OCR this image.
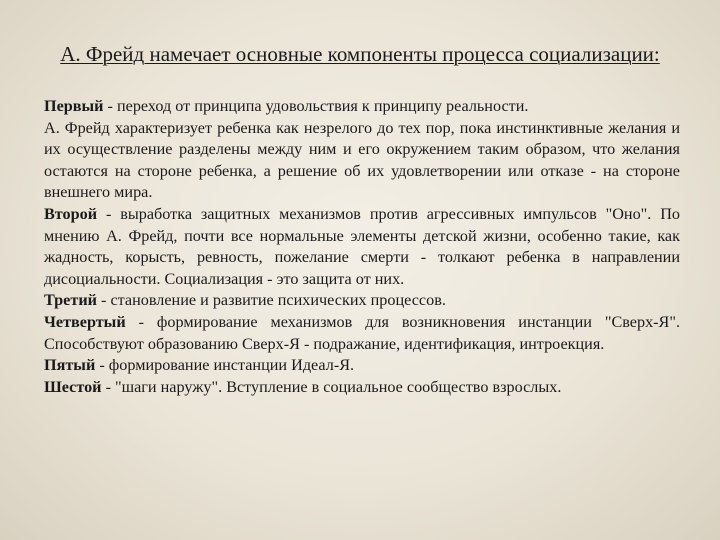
А. Фрейд намечает основные компоненты процесса социализации:

Первый - переход от принципа удовольствия к принципу реальности.

А. Фрейд характеризует ребенка как незрелого до тех пор, пока инстинктивные желания и их осуществление разделены между ним и его окружением таким образом, что желания остаются на стороне ребенка, а решение об их удовлетворении или отказе - на стороне внешнего мира.

Второй - выработка защитных механизмов против агрессивных импульсов "Оно". По мнению А. Фрейд, почти все нормальные элементы детской жизни, особенно такие, как жадность, корысть, ревность, пожелание смерти - толкают ребенка в направлении дисоциальности. Социализация - это защита от них.

Третий - становление и развитие психических процессов.

Четвертый - формирование механизмов для возникновения инстанции "Сверх-Я". Способствуют образованию Сверх-Я - подражание, идентификация, интроекция.

Пятый - формирование инстанции Идеал-Я.

Шестой - "шаги наружу". Вступление в социальное сообщество взрослых.
